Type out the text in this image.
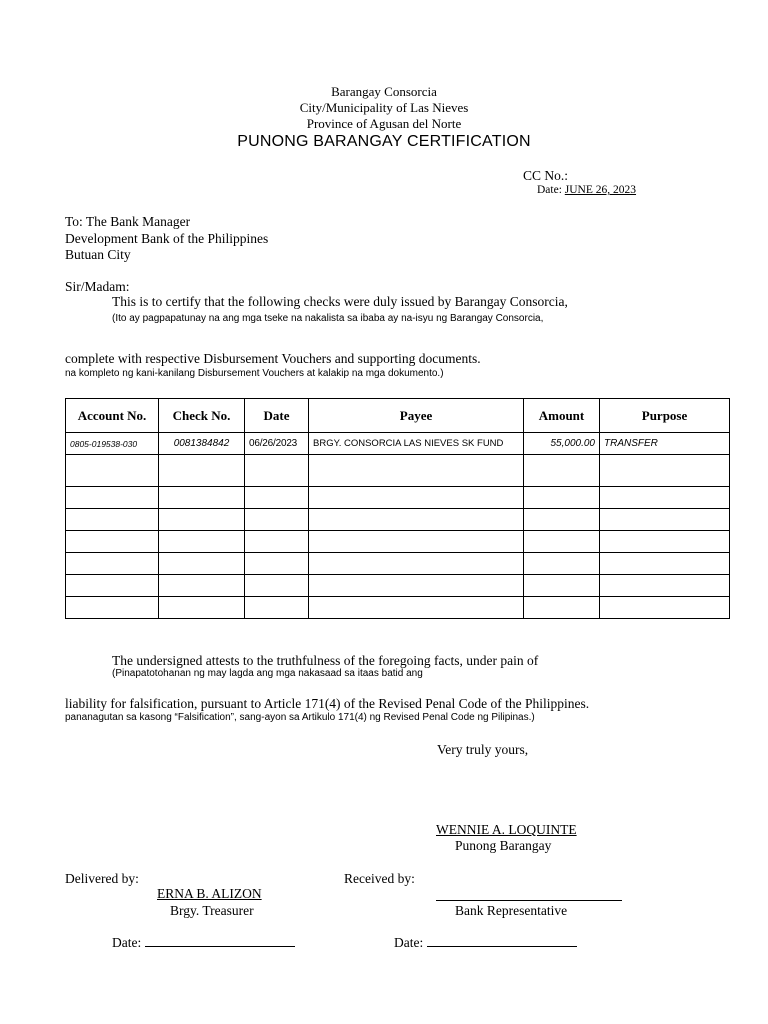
Barangay Consorcia
City/Municipality of Las Nieves
Province of Agusan del Norte
PUNONG BARANGAY CERTIFICATION
CC No.:
Date: JUNE 26, 2023
To: The Bank Manager
Development Bank of the Philippines
Butuan City
Sir/Madam:
This is to certify that the following checks were duly issued by Barangay Consorcia,
(Ito ay pagpapatunay na ang mga tseke na nakalista sa ibaba ay na-isyu ng Barangay Consorcia,
complete with respective Disbursement Vouchers and supporting documents.
na kompleto ng kani-kanilang Disbursement Vouchers at kalakip na mga dokumento.)
Account No.	Check No.	Date	Payee	Amount	Purpose
0805-019538-030	0081384842	06/26/2023	BRGY. CONSORCIA LAS NIEVES SK FUND	55,000.00	TRANSFER

The undersigned attests to the truthfulness of the foregoing facts, under pain of
(Pinapatotohanan ng may lagda ang mga nakasaad sa itaas batid ang
liability for falsification, pursuant to Article 171(4) of the Revised Penal Code of the Philippines.
pananagutan sa kasong “Falsification”, sang-ayon sa Artikulo 171(4) ng Revised Penal Code ng Pilipinas.)
Very truly yours,
WENNIE A. LOQUINTE
Punong Barangay
Delivered by:
ERNA B. ALIZON
Brgy. Treasurer
Received by:
Bank Representative
Date:	Date:
